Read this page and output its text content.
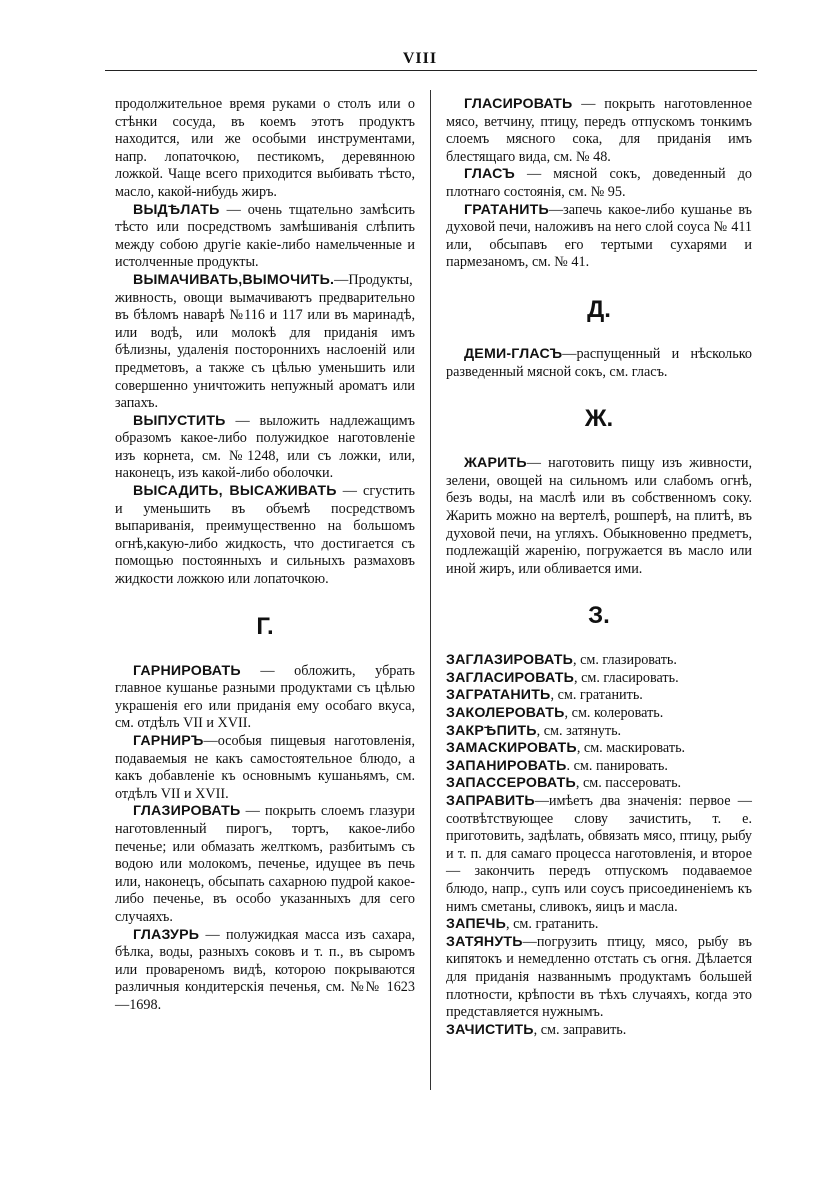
VIII

продолжительное время руками о столъ или о стѣнки сосуда, въ коемъ этотъ продуктъ находится, или же особыми инструментами, напр. лопаточкою, пестикомъ, деревянною ложкой. Чаще всего приходится выбивать тѣсто, масло, какой-нибудь жиръ.

ВЫДѢЛАТЬ — очень тщательно замѣсить тѣсто или посредствомъ замѣшиванія слѣпить между собою другіе какіе-либо намельченные и истолченные продукты.

ВЫМАЧИВАТЬ,ВЫМОЧИТЬ.—Продукты, живность, овощи вымачиваютъ предварительно въ бѣломъ наварѣ №116 и 117 или въ маринадѣ, или водѣ, или молокѣ для приданія имъ бѣлизны, удаленія постороннихъ наслоеній или предметовъ, а также съ цѣлью уменьшить или совершенно уничтожить непужный ароматъ или запахъ.

ВЫПУСТИТЬ — выложить надлежащимъ образомъ какое-либо полужидкое наготовленіе изъ корнета, см. №1248, или съ ложки, или, наконецъ, изъ какой-либо оболочки.

ВЫСАДИТЬ, ВЫСАЖИВАТЬ — сгустить и уменьшить въ объемѣ посредствомъ выпариванія, преимущественно на большомъ огнѣ,какую-либо жидкость, что достигается съ помощью постоянныхъ и сильныхъ размаховъ жидкости ложкою или лопаточкою.

Г.

ГАРНИРОВАТЬ — обложить, убрать главное кушанье разными продуктами съ цѣлью украшенія его или приданія ему особаго вкуса, см. отдѣлъ VII и XVII.

ГАРНИРЪ—особыя пищевыя наготовленія, подаваемыя не какъ самостоятельное блюдо, а какъ добавленіе къ основнымъ кушаньямъ, см. отдѣлъ VII и XVII.

ГЛАЗИРОВАТЬ — покрыть слоемъ глазури наготовленный пирогъ, тортъ, какое-либо печенье; или обмазать желткомъ, разбитымъ съ водою или молокомъ, печенье, идущее въ печь или, наконецъ, обсыпать сахарною пудрой какое-либо печенье, въ особо указанныхъ для сего случаяхъ.

ГЛАЗУРЬ — полужидкая масса изъ сахара, бѣлка, воды, разныхъ соковъ и т. п., въ сыромъ или провареномъ видѣ, которою покрываются различныя кондитерскія печенья, см. №№ 1623—1698.

ГЛАСИРОВАТЬ — покрыть наготовленное мясо, ветчину, птицу, передъ отпускомъ тонкимъ слоемъ мясного сока, для приданія имъ блестящаго вида, см. № 48.

ГЛАСЪ — мясной сокъ, доведенный до плотнаго состоянія, см. № 95.

ГРАТАНИТЬ—запечь какое-либо кушанье въ духовой печи, наложивъ на него слой соуса № 411 или, обсыпавъ его тертыми сухарями и пармезаномъ, см. № 41.

Д.

ДЕМИ-ГЛАСЪ—распущенный и нѣсколько разведенный мясной сокъ, см. гласъ.

Ж.

ЖАРИТЬ— наготовить пищу изъ живности, зелени, овощей на сильномъ или слабомъ огнѣ, безъ воды, на маслѣ или въ собственномъ соку. Жарить можно на вертелѣ, рошперѣ, на плитѣ, въ духовой печи, на угляхъ. Обыкновенно предметъ, подлежащій жаренію, погружается въ масло или иной жиръ, или обливается ими.

З.

ЗАГЛАЗИРОВАТЬ, см. глазировать.

ЗАГЛАСИРОВАТЬ, см. гласировать.

ЗАГРАТАНИТЬ, см. гратанить.

ЗАКОЛЕРОВАТЬ, см. колеровать.

ЗАКРѢПИТЬ, см. затянуть.

ЗАМАСКИРОВАТЬ, см. маскировать.

ЗАПАНИРОВАТЬ. см. панировать.

ЗАПАССЕРОВАТЬ, см. пассеровать.

ЗАПРАВИТЬ—имѣетъ два значенія: первое — соотвѣтствующее слову зачистить, т. е. приготовить, задѣлать, обвязать мясо, птицу, рыбу и т. п. для самаго процесса наготовленія, и второе — закончить передъ отпускомъ подаваемое блюдо, напр., супъ или соусъ присоединеніемъ къ нимъ сметаны, сливокъ, яицъ и масла.

ЗАПЕЧЬ, см. гратанить.

ЗАТЯНУТЬ—погрузить птицу, мясо, рыбу въ кипятокъ и немедленно отстать съ огня. Дѣлается для приданія названнымъ продуктамъ большей плотности, крѣпости въ тѣхъ случаяхъ, когда это представляется нужнымъ.

ЗАЧИСТИТЬ, см. заправить.
